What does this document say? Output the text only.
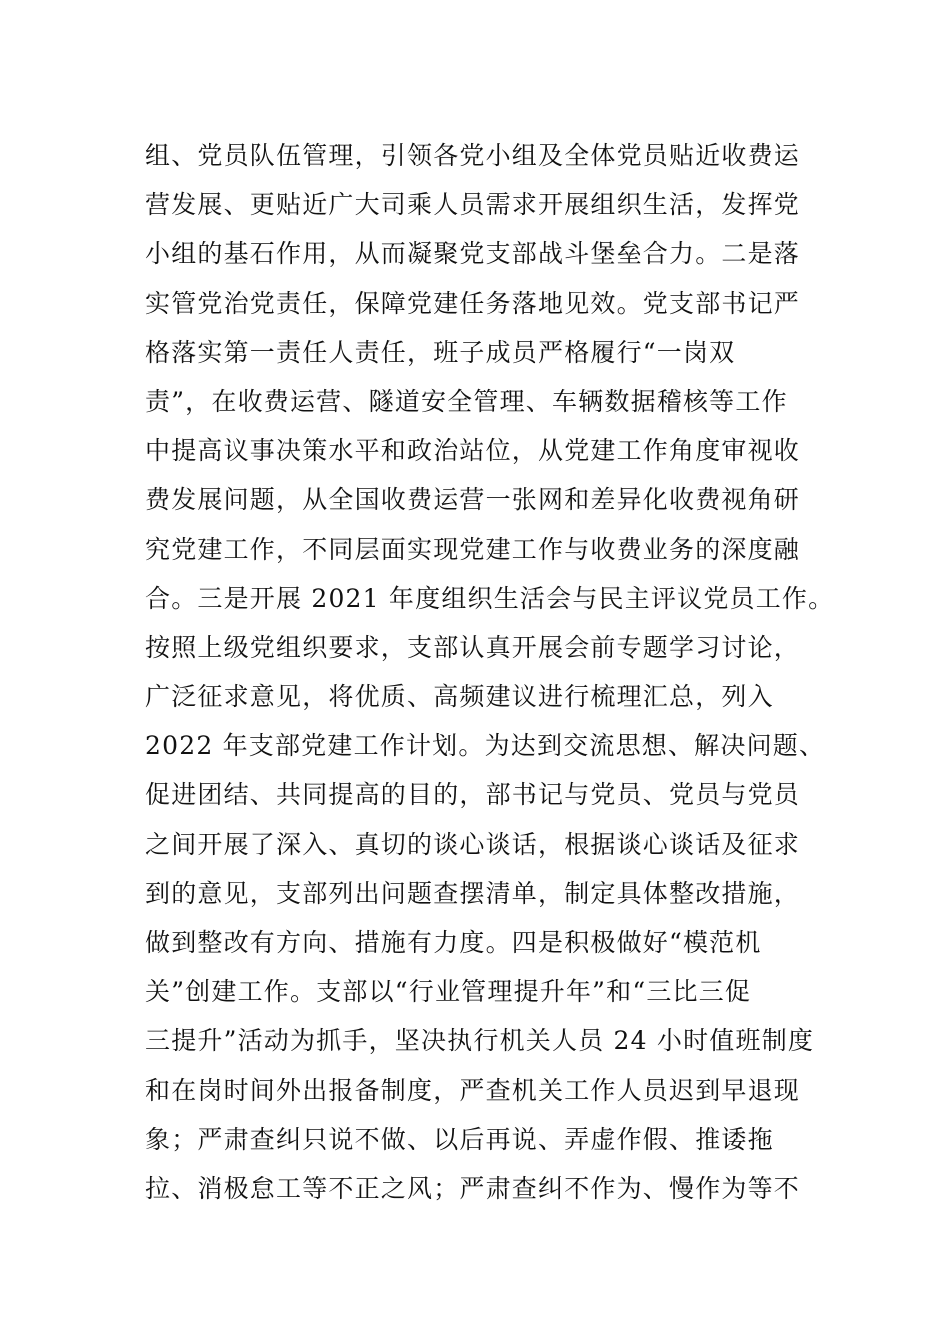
组、党员队伍管理，引领各党小组及全体党员贴近收费运
营发展、更贴近广大司乘人员需求开展组织生活，发挥党
小组的基石作用，从而凝聚党支部战斗堡垒合力。二是落
实管党治党责任，保障党建任务落地见效。党支部书记严
格落实第一责任人责任，班子成员严格履行“一岗双
责”，在收费运营、隧道安全管理、车辆数据稽核等工作
中提高议事决策水平和政治站位，从党建工作角度审视收
费发展问题，从全国收费运营一张网和差异化收费视角研
究党建工作，不同层面实现党建工作与收费业务的深度融
合。三是开展 2021 年度组织生活会与民主评议党员工作。
按照上级党组织要求，支部认真开展会前专题学习讨论，
广泛征求意见，将优质、高频建议进行梳理汇总，列入
2022 年支部党建工作计划。为达到交流思想、解决问题、
促进团结、共同提高的目的，部书记与党员、党员与党员
之间开展了深入、真切的谈心谈话，根据谈心谈话及征求
到的意见，支部列出问题查摆清单，制定具体整改措施，
做到整改有方向、措施有力度。四是积极做好“模范机
关”创建工作。支部以“行业管理提升年”和“三比三促
三提升”活动为抓手，坚决执行机关人员 24 小时值班制度
和在岗时间外出报备制度，严查机关工作人员迟到早退现
象；严肃查纠只说不做、以后再说、弄虚作假、推诿拖
拉、消极怠工等不正之风；严肃查纠不作为、慢作为等不
